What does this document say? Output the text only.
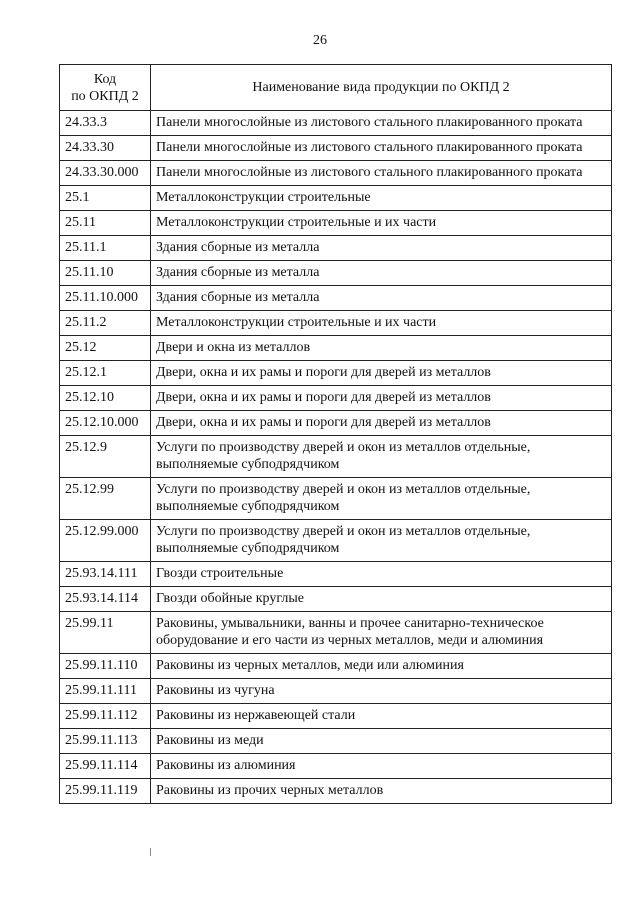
26
Код
по ОКПД 2	Наименование вида продукции по ОКПД 2
24.33.3	Панели многослойные из листового стального плакированного проката
24.33.30	Панели многослойные из листового стального плакированного проката
24.33.30.000	Панели многослойные из листового стального плакированного проката
25.1	Металлоконструкции строительные
25.11	Металлоконструкции строительные и их части
25.11.1	Здания сборные из металла
25.11.10	Здания сборные из металла
25.11.10.000	Здания сборные из металла
25.11.2	Металлоконструкции строительные и их части
25.12	Двери и окна из металлов
25.12.1	Двери, окна и их рамы и пороги для дверей из металлов
25.12.10	Двери, окна и их рамы и пороги для дверей из металлов
25.12.10.000	Двери, окна и их рамы и пороги для дверей из металлов
25.12.9	Услуги по производству дверей и окон из металлов отдельные, выполняемые субподрядчиком
25.12.99	Услуги по производству дверей и окон из металлов отдельные, выполняемые субподрядчиком
25.12.99.000	Услуги по производству дверей и окон из металлов отдельные, выполняемые субподрядчиком
25.93.14.111	Гвозди строительные
25.93.14.114	Гвозди обойные круглые
25.99.11	Раковины, умывальники, ванны и прочее санитарно-техническое оборудование и его части из черных металлов, меди и алюминия
25.99.11.110	Раковины из черных металлов, меди или алюминия
25.99.11.111	Раковины из чугуна
25.99.11.112	Раковины из нержавеющей стали
25.99.11.113	Раковины из меди
25.99.11.114	Раковины из алюминия
25.99.11.119	Раковины из прочих черных металлов
